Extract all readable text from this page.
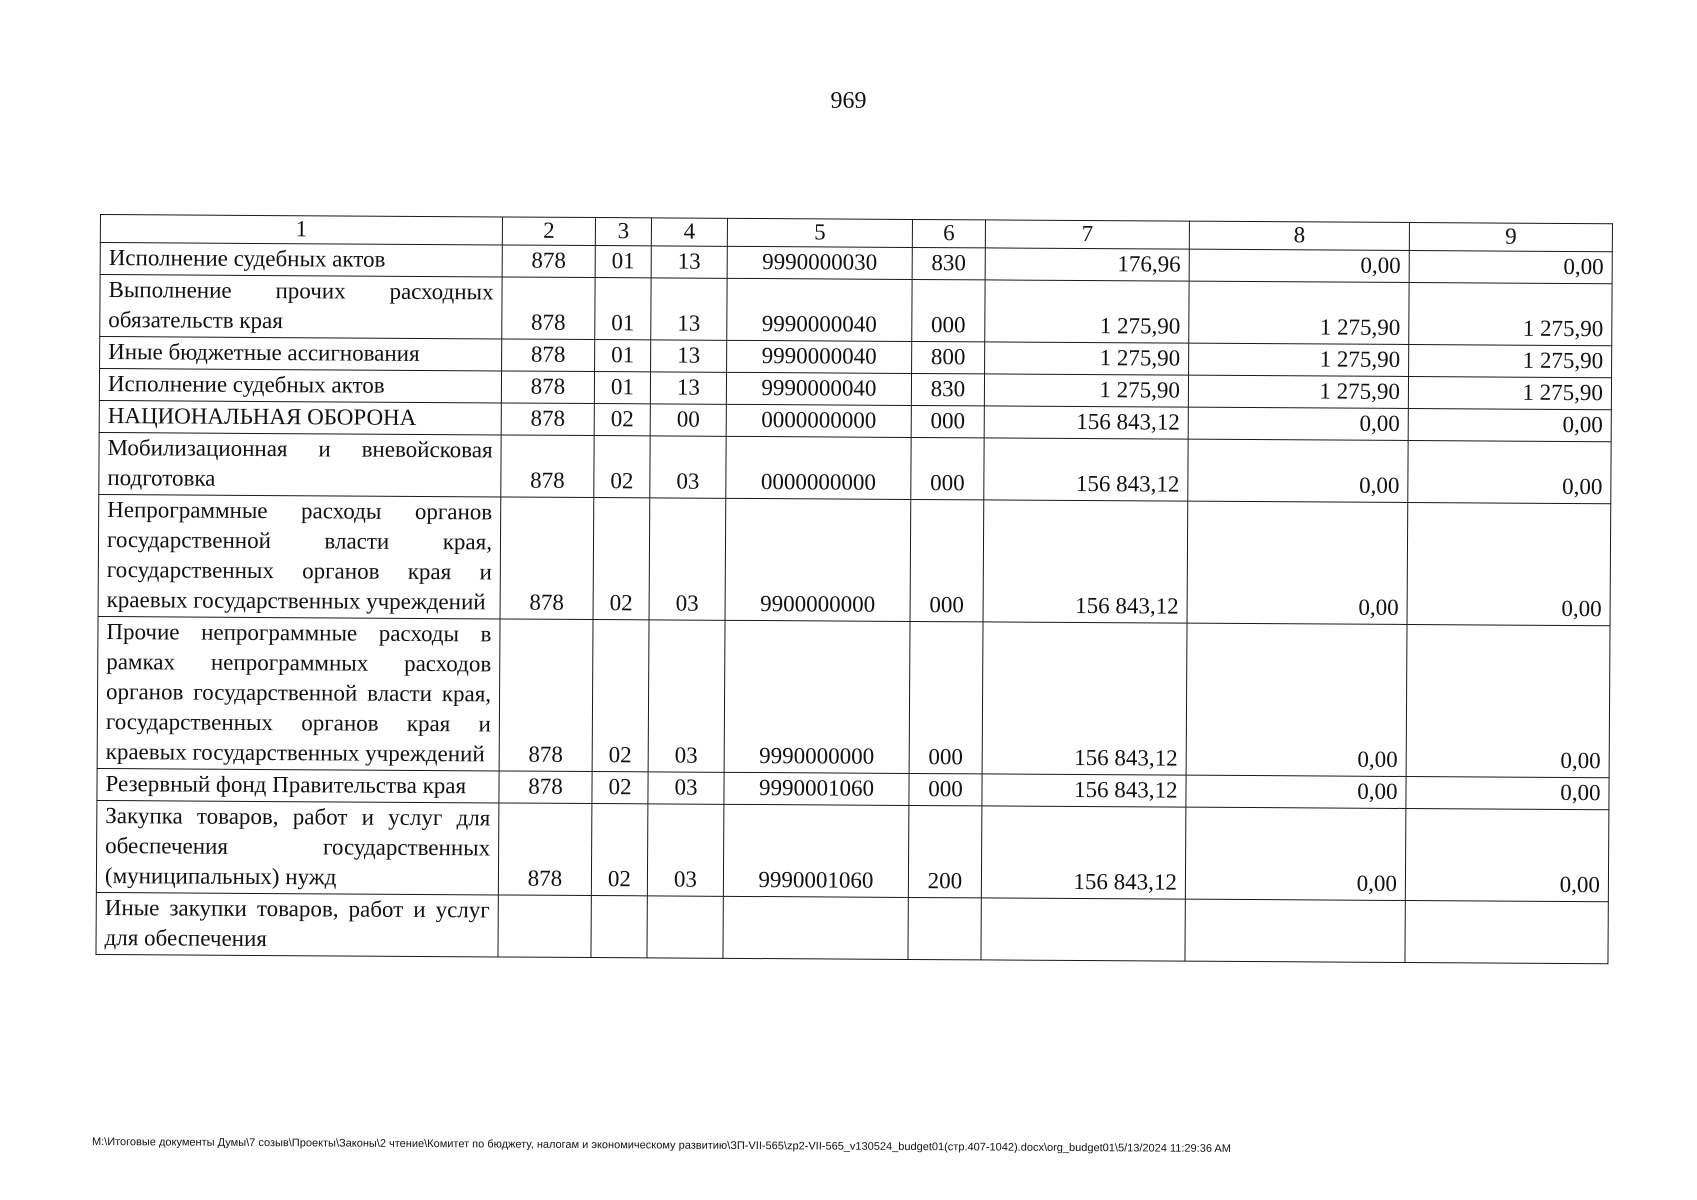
969
1	2	3	4	5	6	7	8	9
Исполнение судебных актов	878	01	13	9990000030	830	176,96	0,00	0,00
Выполнение прочих расходных обязательств края	878	01	13	9990000040	000	1 275,90	1 275,90	1 275,90
Иные бюджетные ассигнования	878	01	13	9990000040	800	1 275,90	1 275,90	1 275,90
Исполнение судебных актов	878	01	13	9990000040	830	1 275,90	1 275,90	1 275,90
НАЦИОНАЛЬНАЯ ОБОРОНА	878	02	00	0000000000	000	156 843,12	0,00	0,00
Мобилизационная и вневойсковая подготовка	878	02	03	0000000000	000	156 843,12	0,00	0,00
Непрограммные расходы органов государственной власти края, государственных органов края и краевых государственных учреждений	878	02	03	9900000000	000	156 843,12	0,00	0,00
Прочие непрограммные расходы в рамках непрограммных расходов органов государственной власти края, государственных органов края и краевых государственных учреждений	878	02	03	9990000000	000	156 843,12	0,00	0,00
Резервный фонд Правительства края	878	02	03	9990001060	000	156 843,12	0,00	0,00
Закупка товаров, работ и услуг для обеспечения государственных (муниципальных) нужд	878	02	03	9990001060	200	156 843,12	0,00	0,00
Иные закупки товаров, работ и услуг для обеспечения								
M:\Итоговые документы Думы\7 созыв\Проекты\Законы\2 чтение\Комитет по бюджету, налогам и экономическому развитию\ЗП-VII-565\zp2-VII-565_v130524_budget01(стр.407-1042).docx\org_budget01\5/13/2024 11:29:36 AM
